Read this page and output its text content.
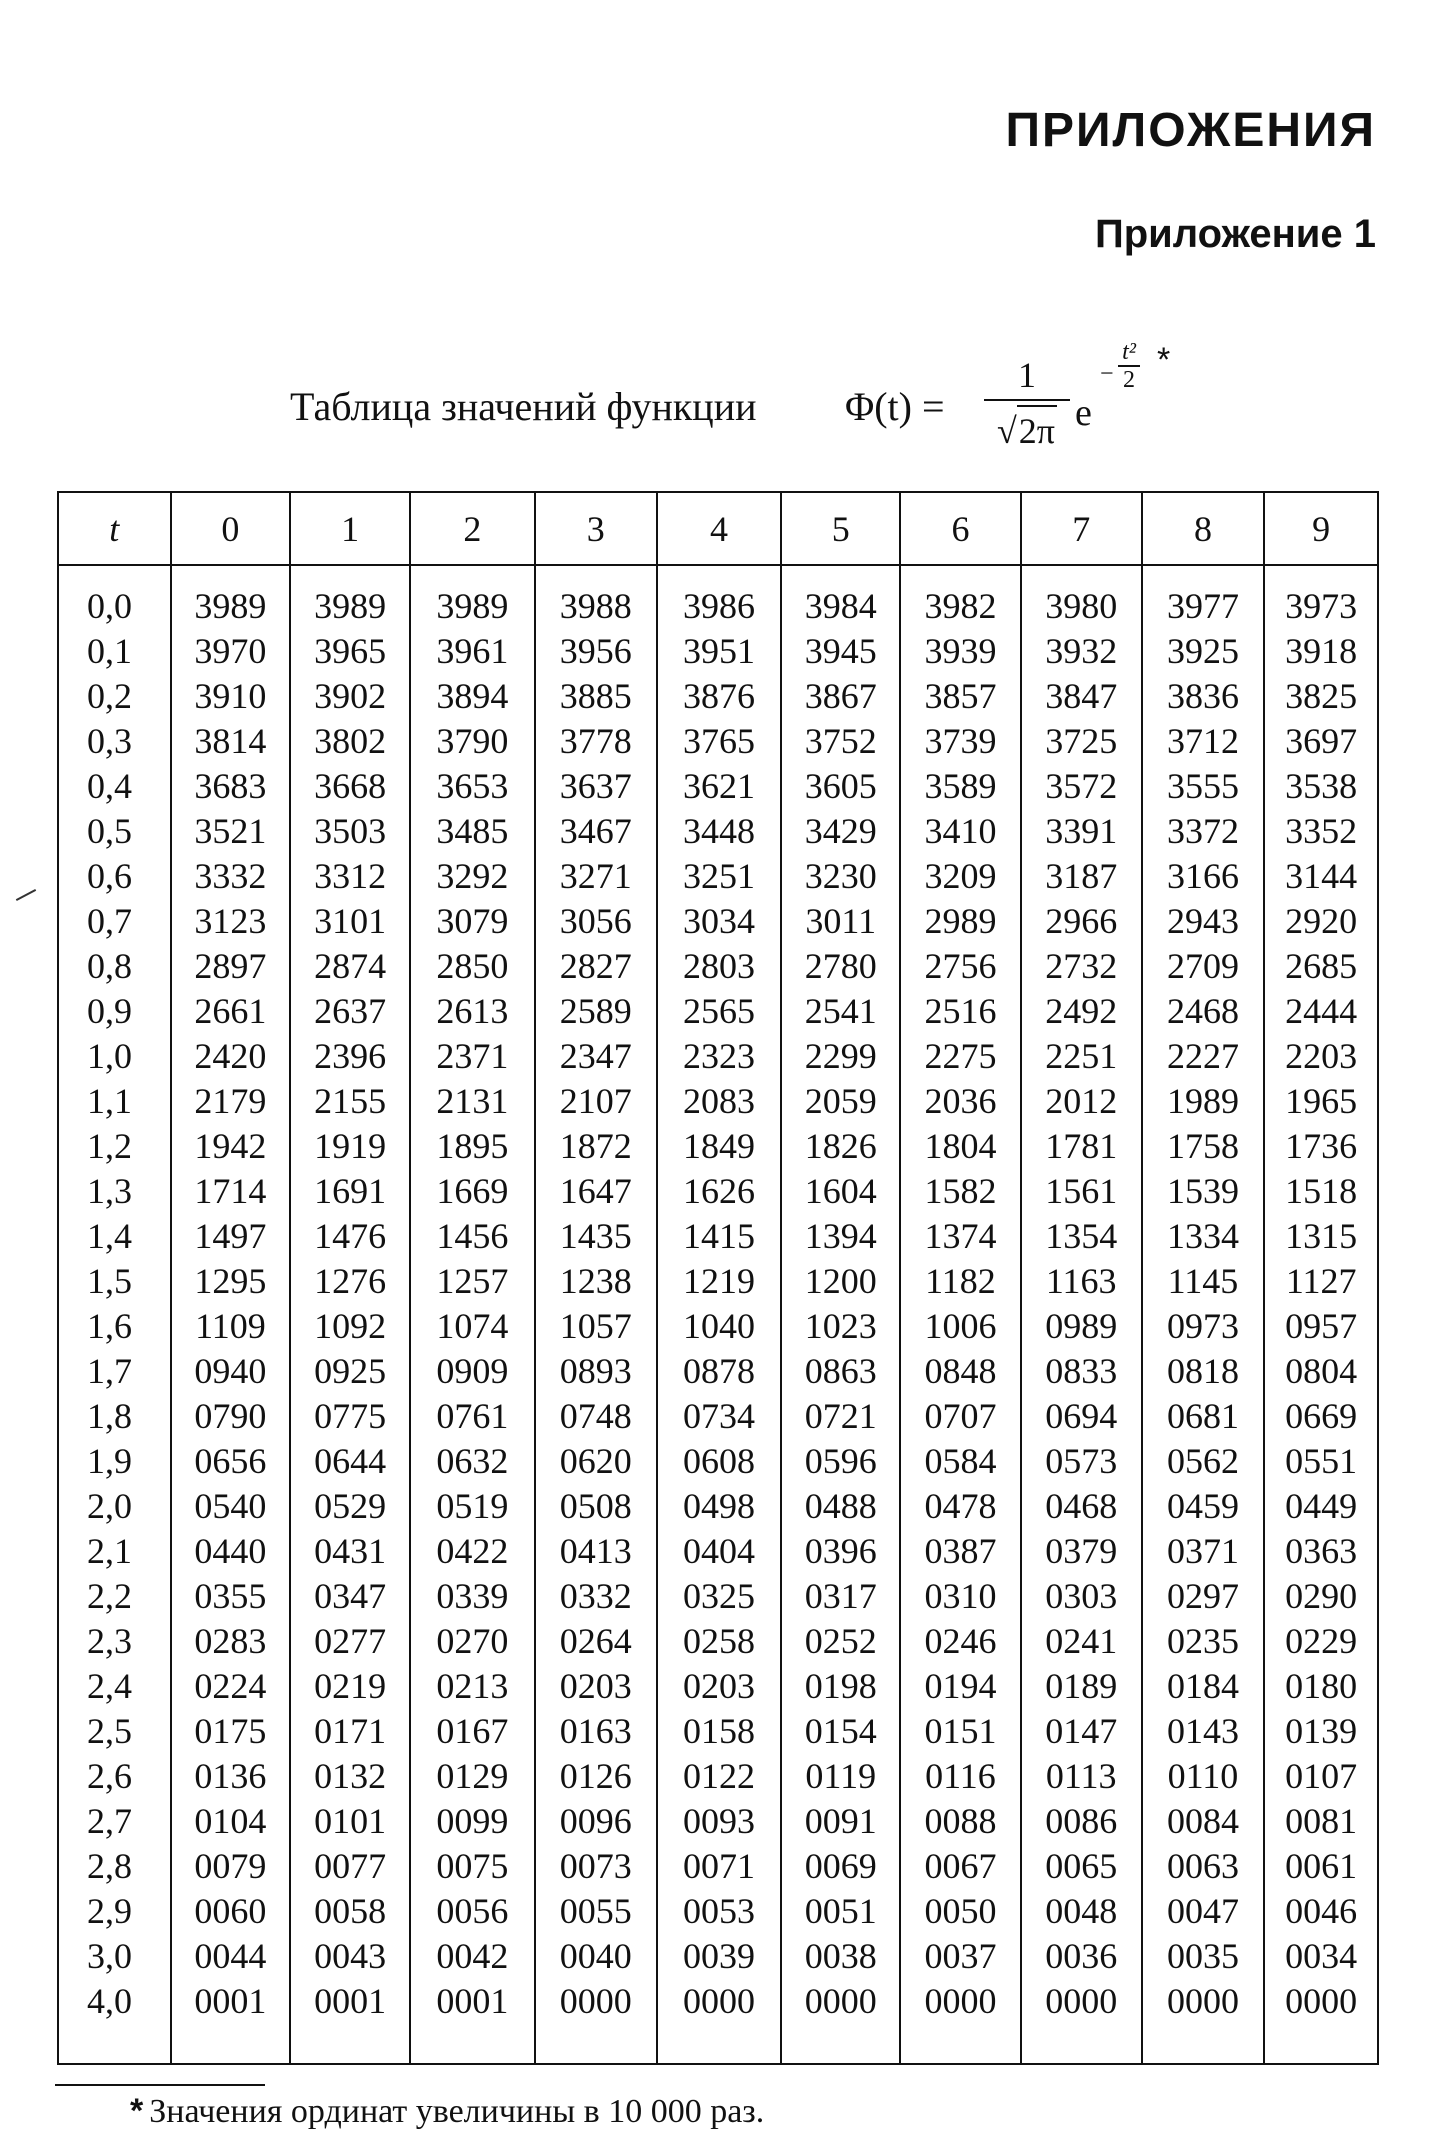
ПРИЛОЖЕНИЯ
Приложение 1
Таблица значений функции Φ(t) =
1
√2π e
−
t²
2
*
t	0	1	2	3	4	5	6	7	8	9

0,0	3989	3989	3989	3988	3986	3984	3982	3980	3977	3973
0,1	3970	3965	3961	3956	3951	3945	3939	3932	3925	3918
0,2	3910	3902	3894	3885	3876	3867	3857	3847	3836	3825
0,3	3814	3802	3790	3778	3765	3752	3739	3725	3712	3697
0,4	3683	3668	3653	3637	3621	3605	3589	3572	3555	3538
0,5	3521	3503	3485	3467	3448	3429	3410	3391	3372	3352
0,6	3332	3312	3292	3271	3251	3230	3209	3187	3166	3144
0,7	3123	3101	3079	3056	3034	3011	2989	2966	2943	2920
0,8	2897	2874	2850	2827	2803	2780	2756	2732	2709	2685
0,9	2661	2637	2613	2589	2565	2541	2516	2492	2468	2444
1,0	2420	2396	2371	2347	2323	2299	2275	2251	2227	2203
1,1	2179	2155	2131	2107	2083	2059	2036	2012	1989	1965
1,2	1942	1919	1895	1872	1849	1826	1804	1781	1758	1736
1,3	1714	1691	1669	1647	1626	1604	1582	1561	1539	1518
1,4	1497	1476	1456	1435	1415	1394	1374	1354	1334	1315
1,5	1295	1276	1257	1238	1219	1200	1182	1163	1145	1127
1,6	1109	1092	1074	1057	1040	1023	1006	0989	0973	0957
1,7	0940	0925	0909	0893	0878	0863	0848	0833	0818	0804
1,8	0790	0775	0761	0748	0734	0721	0707	0694	0681	0669
1,9	0656	0644	0632	0620	0608	0596	0584	0573	0562	0551
2,0	0540	0529	0519	0508	0498	0488	0478	0468	0459	0449
2,1	0440	0431	0422	0413	0404	0396	0387	0379	0371	0363
2,2	0355	0347	0339	0332	0325	0317	0310	0303	0297	0290
2,3	0283	0277	0270	0264	0258	0252	0246	0241	0235	0229
2,4	0224	0219	0213	0203	0203	0198	0194	0189	0184	0180
2,5	0175	0171	0167	0163	0158	0154	0151	0147	0143	0139
2,6	0136	0132	0129	0126	0122	0119	0116	0113	0110	0107
2,7	0104	0101	0099	0096	0093	0091	0088	0086	0084	0081
2,8	0079	0077	0075	0073	0071	0069	0067	0065	0063	0061
2,9	0060	0058	0056	0055	0053	0051	0050	0048	0047	0046
3,0	0044	0043	0042	0040	0039	0038	0037	0036	0035	0034
4,0	0001	0001	0001	0000	0000	0000	0000	0000	0000	0000

* Значения ординат увеличины в 10 000 раз.
